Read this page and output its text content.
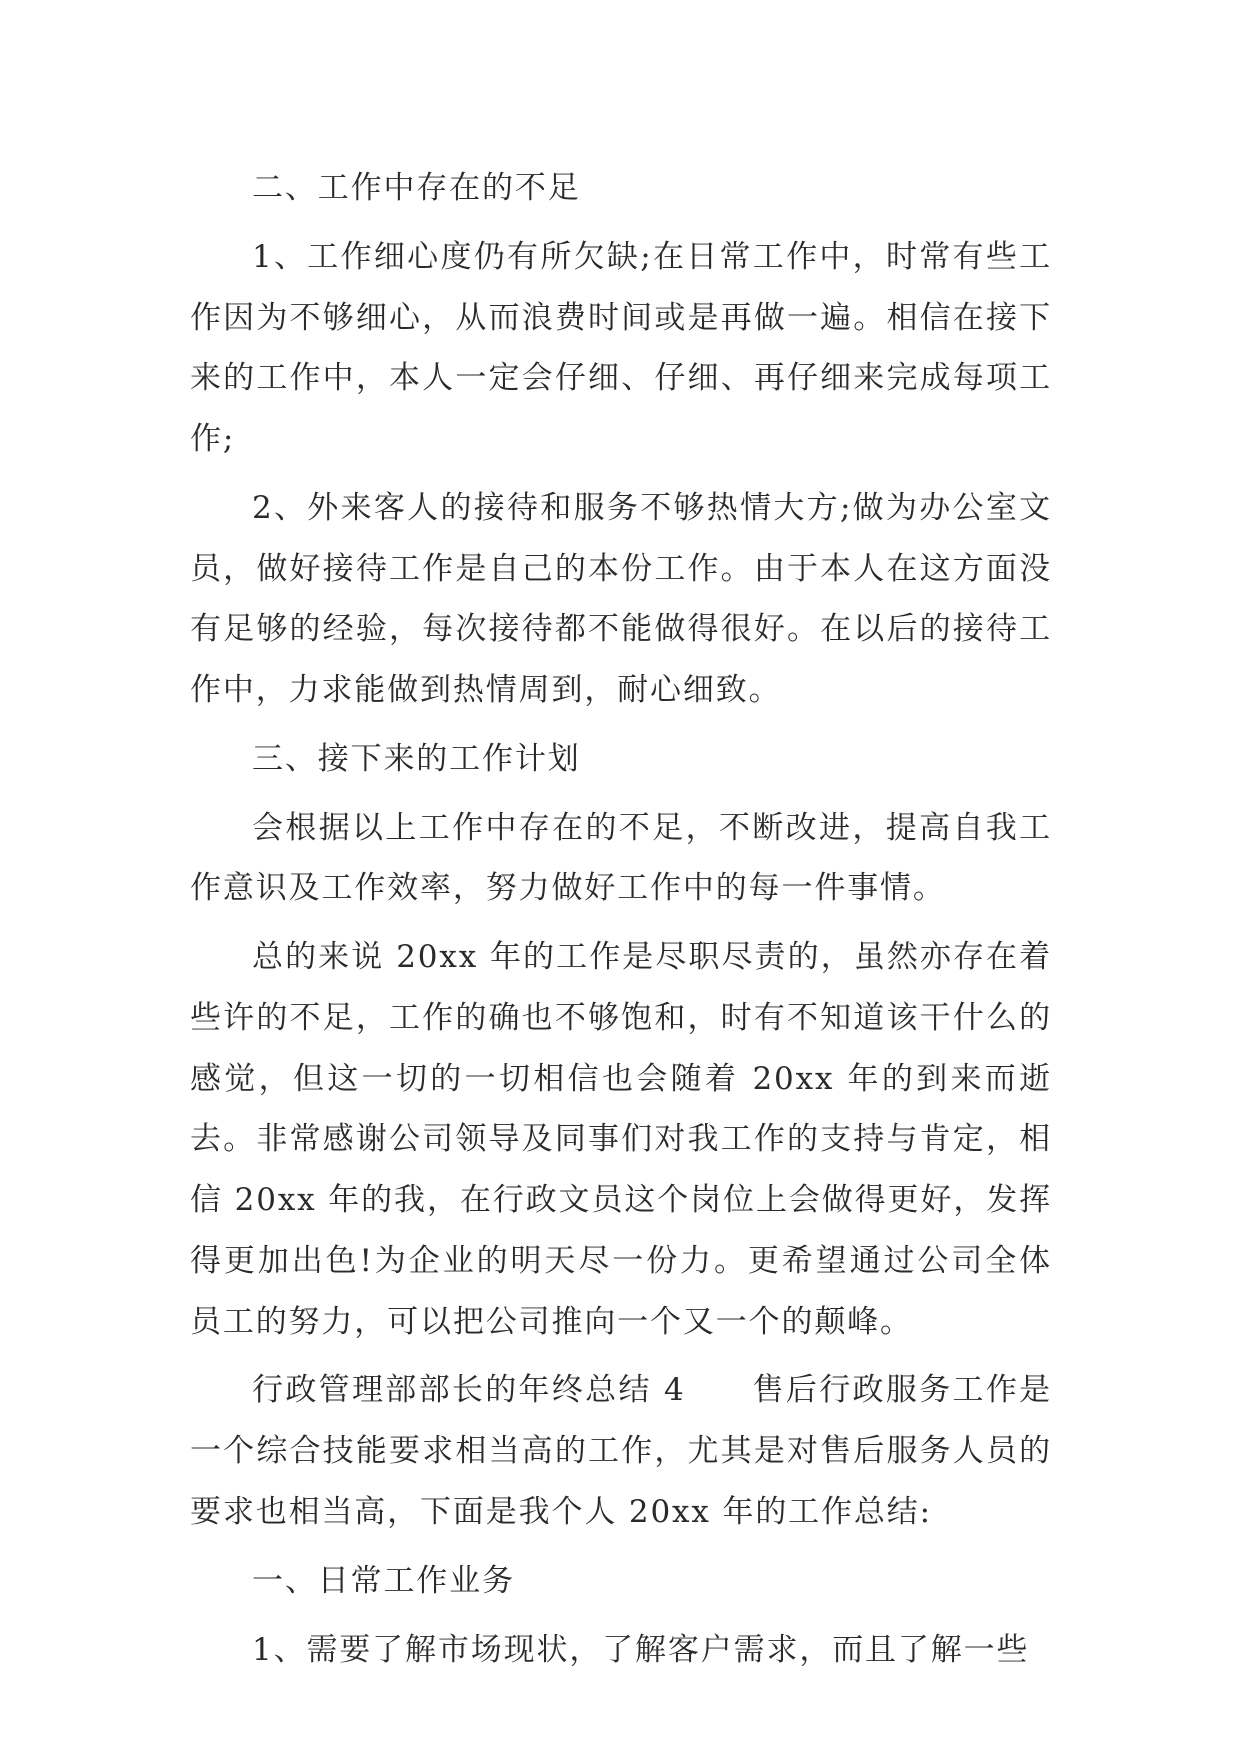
二、工作中存在的不足

1、工作细心度仍有所欠缺;在日常工作中，时常有些工作因为不够细心，从而浪费时间或是再做一遍。相信在接下来的工作中，本人一定会仔细、仔细、再仔细来完成每项工作;

2、外来客人的接待和服务不够热情大方;做为办公室文员，做好接待工作是自己的本份工作。由于本人在这方面没有足够的经验，每次接待都不能做得很好。在以后的接待工作中，力求能做到热情周到，耐心细致。

三、接下来的工作计划

会根据以上工作中存在的不足，不断改进，提高自我工作意识及工作效率，努力做好工作中的每一件事情。

总的来说 20xx 年的工作是尽职尽责的，虽然亦存在着些许的不足，工作的确也不够饱和，时有不知道该干什么的感觉，但这一切的一切相信也会随着 20xx 年的到来而逝去。非常感谢公司领导及同事们对我工作的支持与肯定，相信 20xx 年的我，在行政文员这个岗位上会做得更好，发挥得更加出色!为企业的明天尽一份力。更希望通过公司全体员工的努力，可以把公司推向一个又一个的颠峰。

行政管理部部长的年终总结 4　　售后行政服务工作是一个综合技能要求相当高的工作，尤其是对售后服务人员的要求也相当高，下面是我个人 20xx 年的工作总结:

一、日常工作业务

1、需要了解市场现状，了解客户需求，而且了解一些
